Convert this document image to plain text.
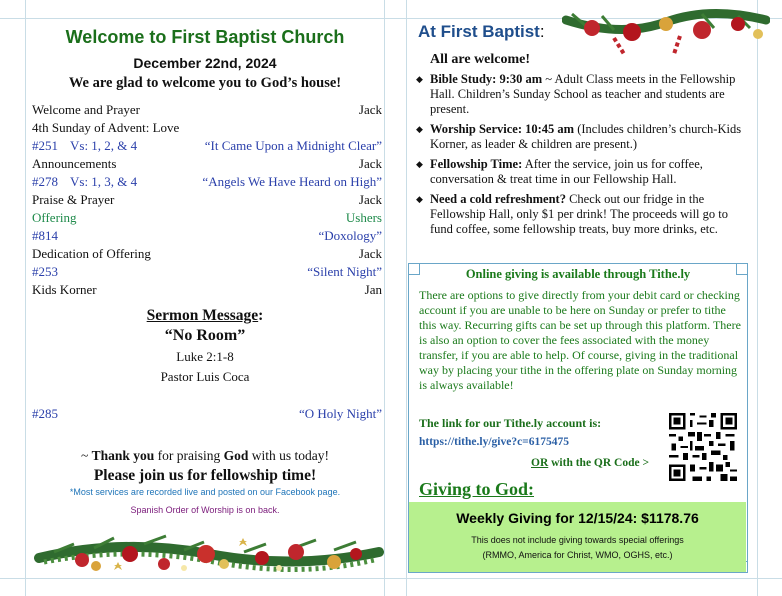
Welcome to First Baptist Church
December 22nd, 2024
We are glad to welcome you to God’s house!
Welcome and Prayer	Jack
4th Sunday of Advent: Love
#251 Vs: 1, 2, & 4	“It Came Upon a Midnight Clear”
Announcements	Jack
#278 Vs: 1, 3, & 4	“Angels We Have Heard on High”
Praise & Prayer	Jack
Offering	Ushers
#814	“Doxology”
Dedication of Offering	Jack
#253	“Silent Night”
Kids Korner	Jan
Sermon Message:
“No Room”
Luke 2:1-8
Pastor Luis Coca
#285	“O Holy Night”
~ Thank you for praising God with us today!
Please join us for fellowship time!
*Most services are recorded live and posted on our Facebook page.
Spanish Order of Worship is on back.
At First Baptist:
All are welcome!
◆ Bible Study: 9:30 am ~ Adult Class meets in the Fellowship Hall. Children’s Sunday School as teacher and students are present.
◆ Worship Service: 10:45 am (Includes children’s church-Kids Korner, as leader & children are present.)
◆ Fellowship Time: After the service, join us for coffee, conversation & treat time in our Fellowship Hall.
◆ Need a cold refreshment? Check out our fridge in the Fellowship Hall, only $1 per drink! The proceeds will go to fund coffee, some fellowship treats, buy more drinks, etc.
Online giving is available through Tithe.ly
There are options to give directly from your debit card or checking account if you are unable to be here on Sunday or prefer to tithe this way. Recurring gifts can be set up through this platform. There is also an option to cover the fees associated with the money transfer, if you are able to help. Of course, giving in the traditional way by placing your tithe in the offering plate on Sunday morning is always available!
The link for our Tithe.ly account is:
https://tithe.ly/give?c=6175475
OR with the QR Code >
Giving to God:
Weekly Giving for 12/15/24: $1178.76
This does not include giving towards special offerings
(RMMO, America for Christ, WMO, OGHS, etc.)
